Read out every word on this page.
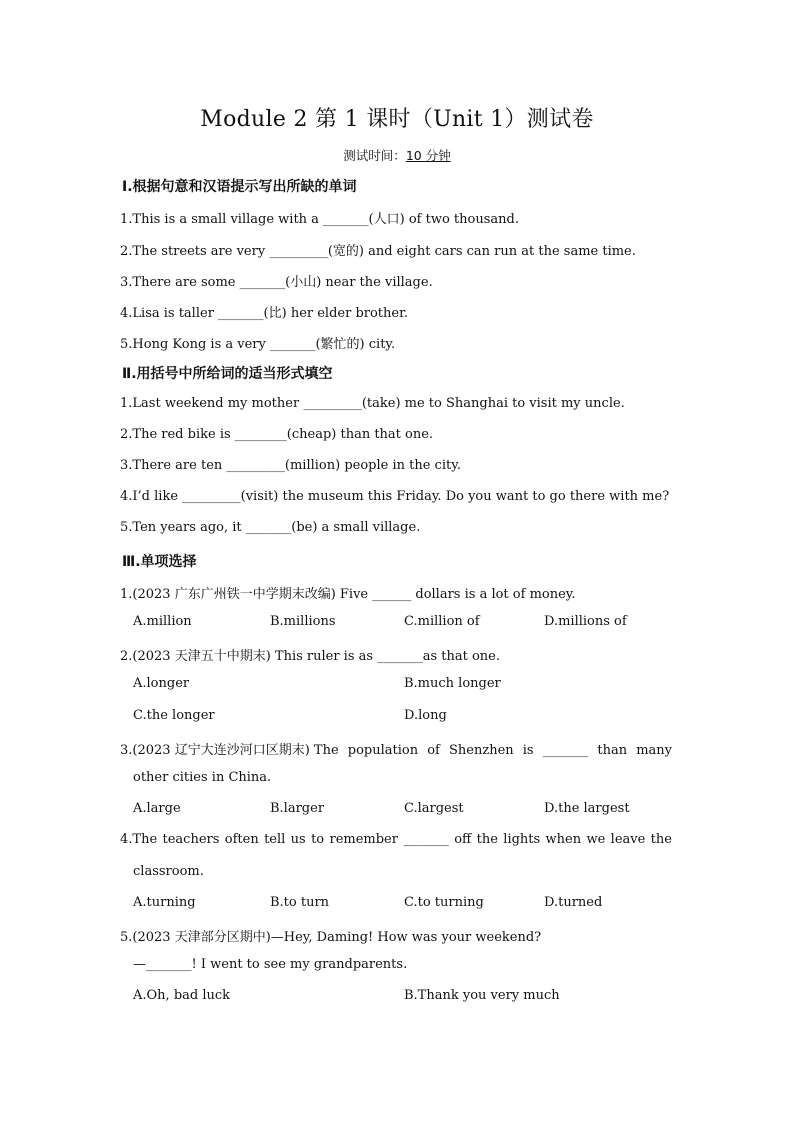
Module 2 第 1 课时（Unit 1）测试卷
测试时间：10 分钟
Ⅰ.根据句意和汉语提示写出所缺的单词
1.This is a small village with a _______(人口) of two thousand.
2.The streets are very _________(宽的) and eight cars can run at the same time.
3.There are some _______(小山) near the village.
4.Lisa is taller _______(比) her elder brother.
5.Hong Kong is a very _______(繁忙的) city.
Ⅱ.用括号中所给词的适当形式填空
1.Last weekend my mother _________(take) me to Shanghai to visit my uncle.
2.The red bike is ________(cheap) than that one.
3.There are ten _________(million) people in the city.
4.I’d like _________(visit) the museum this Friday. Do you want to go there with me?
5.Ten years ago, it _______(be) a small village.
Ⅲ.单项选择
1.(2023 广东广州铁一中学期末改编) Five ______ dollars is a lot of money.
A.million	B.millions	C.million of	D.millions of
2.(2023 天津五十中期末) This ruler is as _______as that one.
A.longer	B.much longer
C.the longer	D.long
3.(2023 辽宁大连沙河口区期末) The population of Shenzhen is _______ than many
other cities in China.
A.large	B.larger	C.largest	D.the largest
4.The teachers often tell us to remember _______ off the lights when we leave the
classroom.
A.turning	B.to turn	C.to turning	D.turned
5.(2023 天津部分区期中)—Hey, Daming! How was your weekend?
—_______! I went to see my grandparents.
A.Oh, bad luck	B.Thank you very much
